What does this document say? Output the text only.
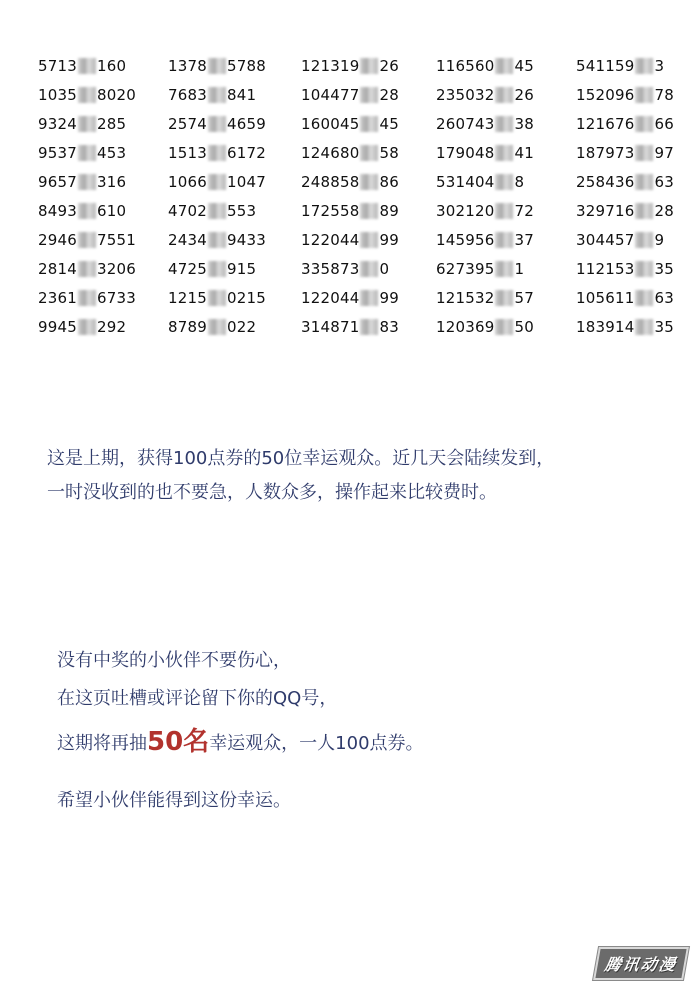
5713 160
1035 8020
9324 285
9537 453
9657 316
8493 610
2946 7551
2814 3206
2361 6733
9945 292
1378 5788
7683 841
2574 4659
1513 6172
1066 1047
4702 553
2434 9433
4725 915
1215 0215
8789 022
121319 26
104477 28
160045 45
124680 58
248858 86
172558 89
122044 99
335873 0
122044 99
314871 83
116560 45
235032 26
260743 38
179048 41
531404 8
302120 72
145956 37
627395 1
121532 57
120369 50
541159 3
152096 78
121676 66
187973 97
258436 63
329716 28
304457 9
112153 35
105611 63
183914 35
这是上期，获得100点券的50位幸运观众。近几天会陆续发到，
一时没收到的也不要急，人数众多，操作起来比较费时。
没有中奖的小伙伴不要伤心，
在这页吐槽或评论留下你的QQ号，
这期将再抽50名幸运观众，一人100点券。
希望小伙伴能得到这份幸运。
腾讯动漫
